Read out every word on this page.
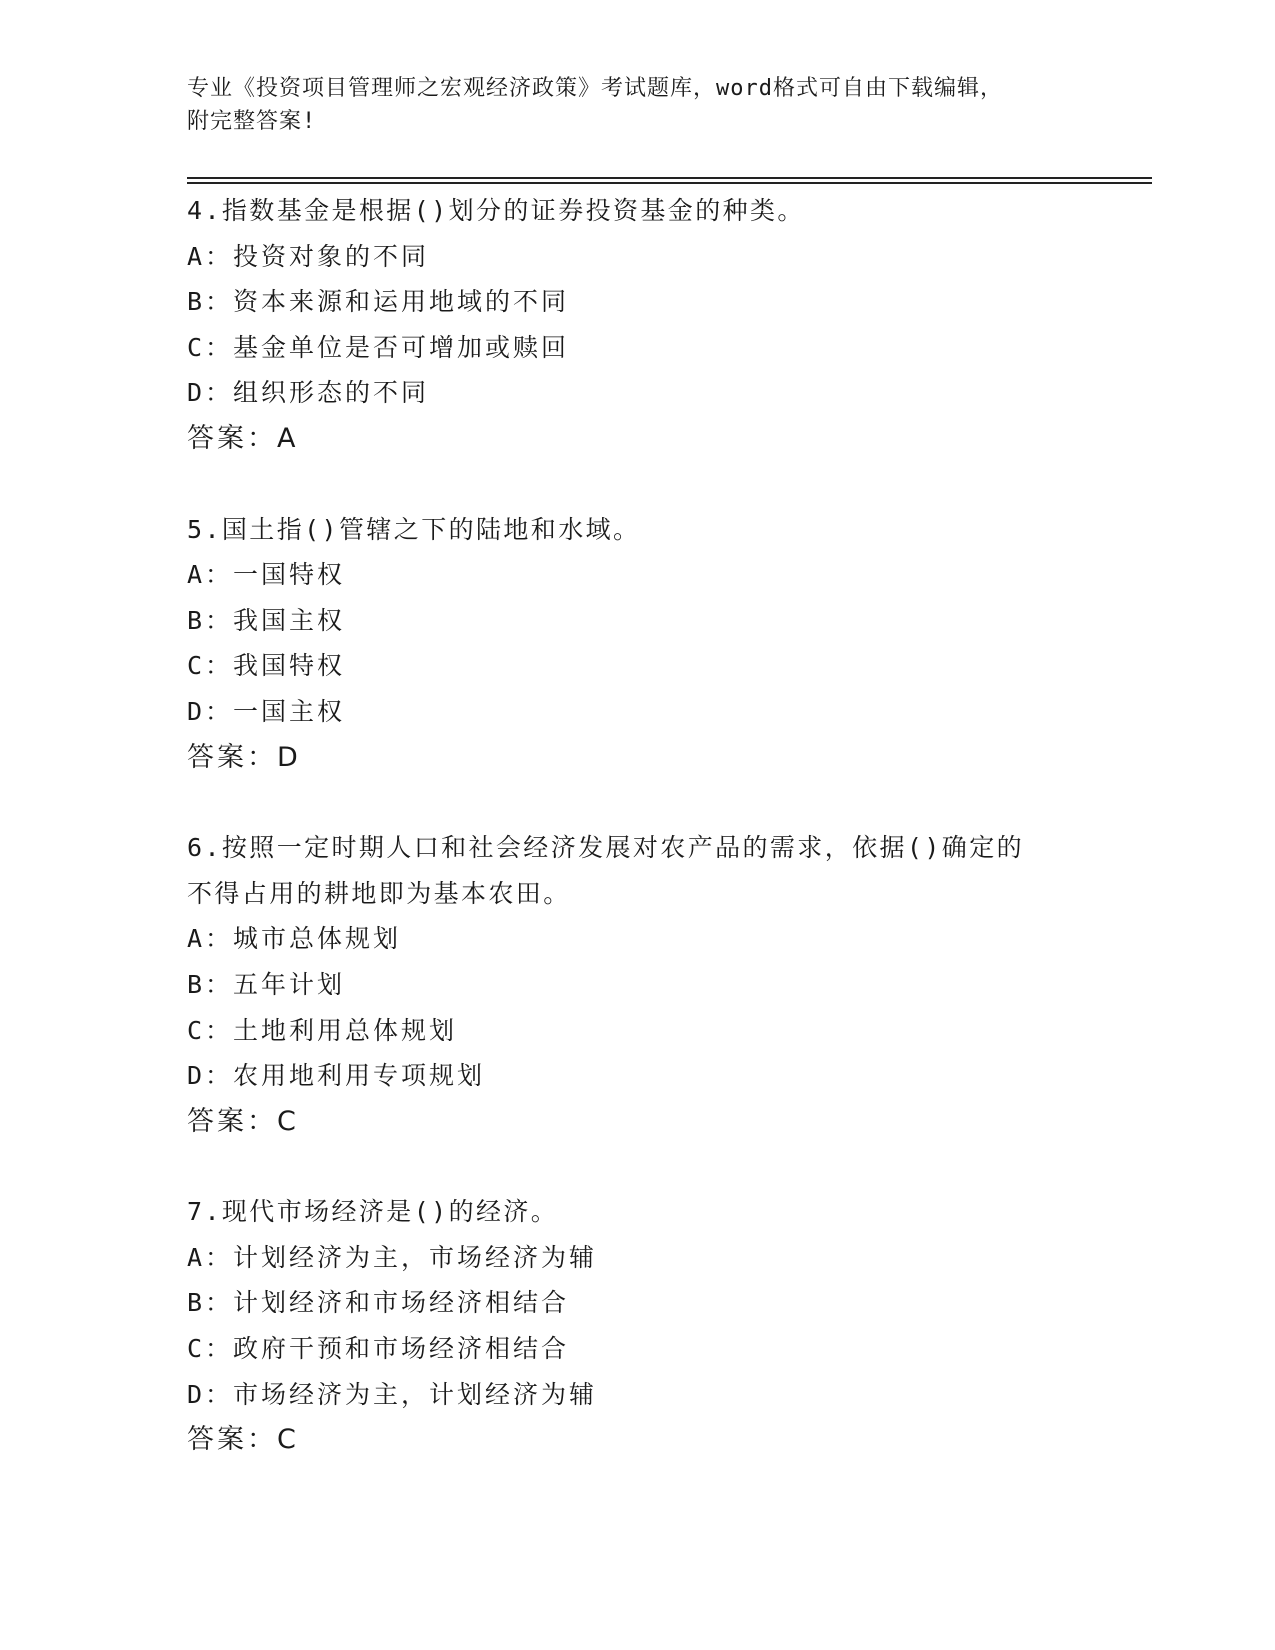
专业《投资项目管理师之宏观经济政策》考试题库，word格式可自由下载编辑，
附完整答案!
4.指数基金是根据()划分的证券投资基金的种类。
A：投资对象的不同
B：资本来源和运用地域的不同
C：基金单位是否可增加或赎回
D：组织形态的不同
答案：A
5.国土指()管辖之下的陆地和水域。
A：一国特权
B：我国主权
C：我国特权
D：一国主权
答案：D
6.按照一定时期人口和社会经济发展对农产品的需求，依据()确定的
不得占用的耕地即为基本农田。
A：城市总体规划
B：五年计划
C：土地利用总体规划
D：农用地利用专项规划
答案：C
7.现代市场经济是()的经济。
A：计划经济为主，市场经济为辅
B：计划经济和市场经济相结合
C：政府干预和市场经济相结合
D：市场经济为主，计划经济为辅
答案：C
